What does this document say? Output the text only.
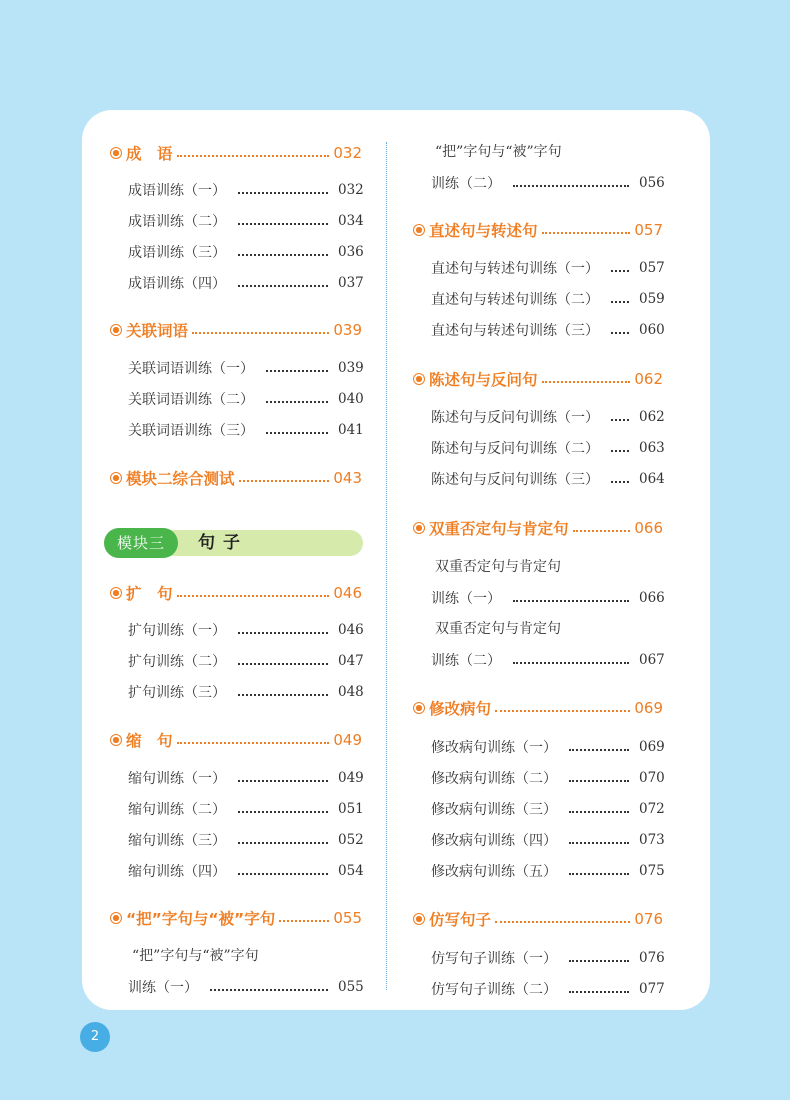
成　语	032
成语训练（一）	032
成语训练（二）	034
成语训练（三）	036
成语训练（四）	037
关联词语	039
关联词语训练（一）	039
关联词语训练（二）	040
关联词语训练（三）	041
模块二综合测试	043
模块三	句子
扩　句	046
扩句训练（一）	046
扩句训练（二）	047
扩句训练（三）	048
缩　句	049
缩句训练（一）	049
缩句训练（二）	051
缩句训练（三）	052
缩句训练（四）	054
“把”字句与“被”字句	055
“把”字句与“被”字句
训练（一）	055
“把”字句与“被”字句
训练（二）	056
直述句与转述句	057
直述句与转述句训练（一）	057
直述句与转述句训练（二）	059
直述句与转述句训练（三）	060
陈述句与反问句	062
陈述句与反问句训练（一）	062
陈述句与反问句训练（二）	063
陈述句与反问句训练（三）	064
双重否定句与肯定句	066
双重否定句与肯定句
训练（一）	066
双重否定句与肯定句
训练（二）	067
修改病句	069
修改病句训练（一）	069
修改病句训练（二）	070
修改病句训练（三）	072
修改病句训练（四）	073
修改病句训练（五）	075
仿写句子	076
仿写句子训练（一）	076
仿写句子训练（二）	077
2
